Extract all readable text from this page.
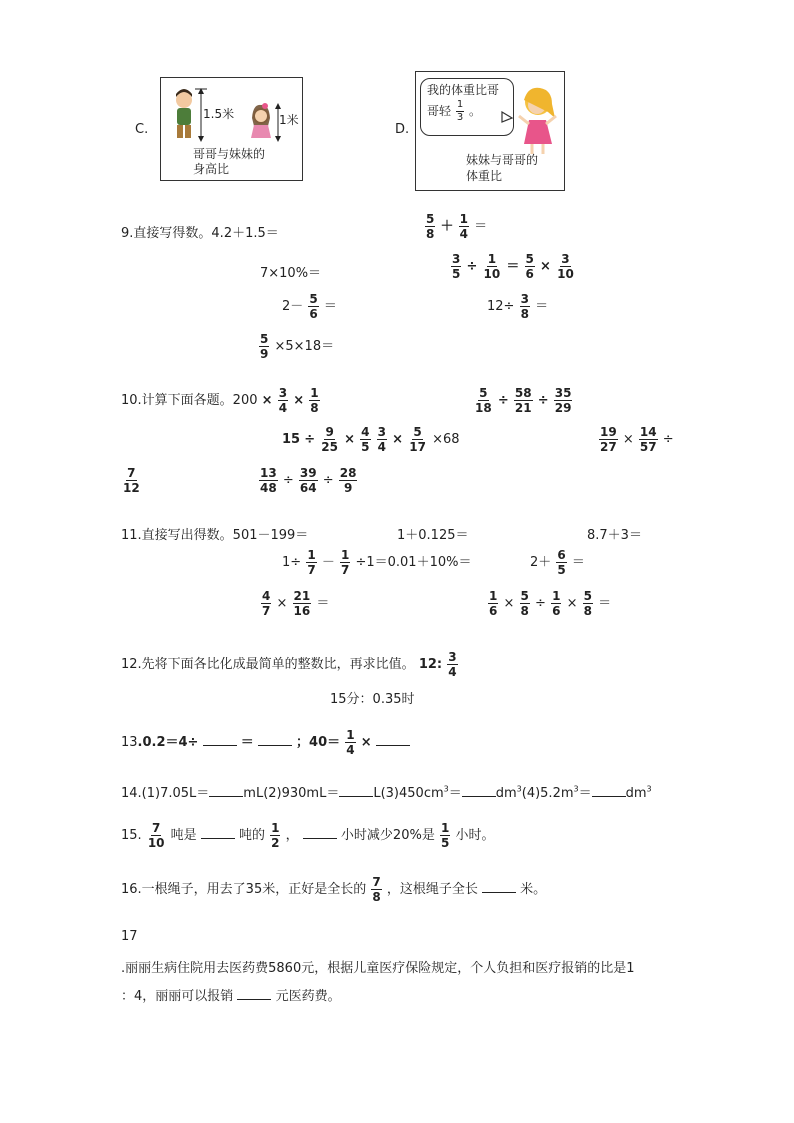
C.
1.5米	1米
哥哥与妹妹的
身高比
D.
我的体重比哥
哥轻 $\frac{1}{3}$ 。
妹妹与哥哥的
体重比
9.直接写得数。4.2＋1.5＝	$\frac{5}{8} + \frac{1}{4}$ ＝
7×10%＝	$\frac{3}{5} \div \frac{1}{10} = \frac{5}{6} \times \frac{3}{10}$
$2- \frac{5}{6}$ ＝	$12\div \frac{3}{8}$ ＝
$\frac{5}{9} \times 5\times 18=$
10.计算下面各题。$200 \times \frac{3}{4} \times \frac{1}{8}$	$\frac{5}{18} \div \frac{58}{21} \div \frac{35}{29}$
$15 \div \frac{9}{25} \times \frac{4}{5}$
$\frac{3}{4} \times \frac{5}{17} \times 68$	$\frac{19}{27} \times \frac{14}{57}$ ÷
$\frac{7}{12}$	$\frac{13}{48} \div \frac{39}{64} \div \frac{28}{9}$
11.直接写出得数。501－199＝	1＋0.125＝	8.7＋3＝
$1\div \frac{1}{7} - \frac{1}{7} \div 1=0.01+10\%=$	$2+ \frac{6}{5}$ ＝
$\frac{4}{7} \times \frac{21}{16}$ ＝	$\frac{1}{6} \times \frac{5}{8} \div \frac{1}{6} \times \frac{5}{8}$ ＝
12.先将下面各比化成最简单的整数比，再求比值。 12: $\frac{3}{4}$
15分：0.35时
13.0.2＝4÷	＝	；$40= \frac{1}{4}$ ×
14.(1)7.05L＝	mL(2)930mL＝	$L(3)450cm^3=$	$dm^3(4)5.2m^3=$	$dm^3$
15. $\frac{7}{10}$ 吨是	吨的 $\frac{1}{2}$ ，	小时减少20%是 $\frac{1}{5}$ 小时。
16.一根绳子，用去了35米，正好是全长的 $\frac{7}{8}$ ，这根绳子全长	米。
17
.丽丽生病住院用去医药费5860元，根据儿童医疗保险规定，个人负担和医疗报销的比是1
：4，丽丽可以报销	元医药费。
